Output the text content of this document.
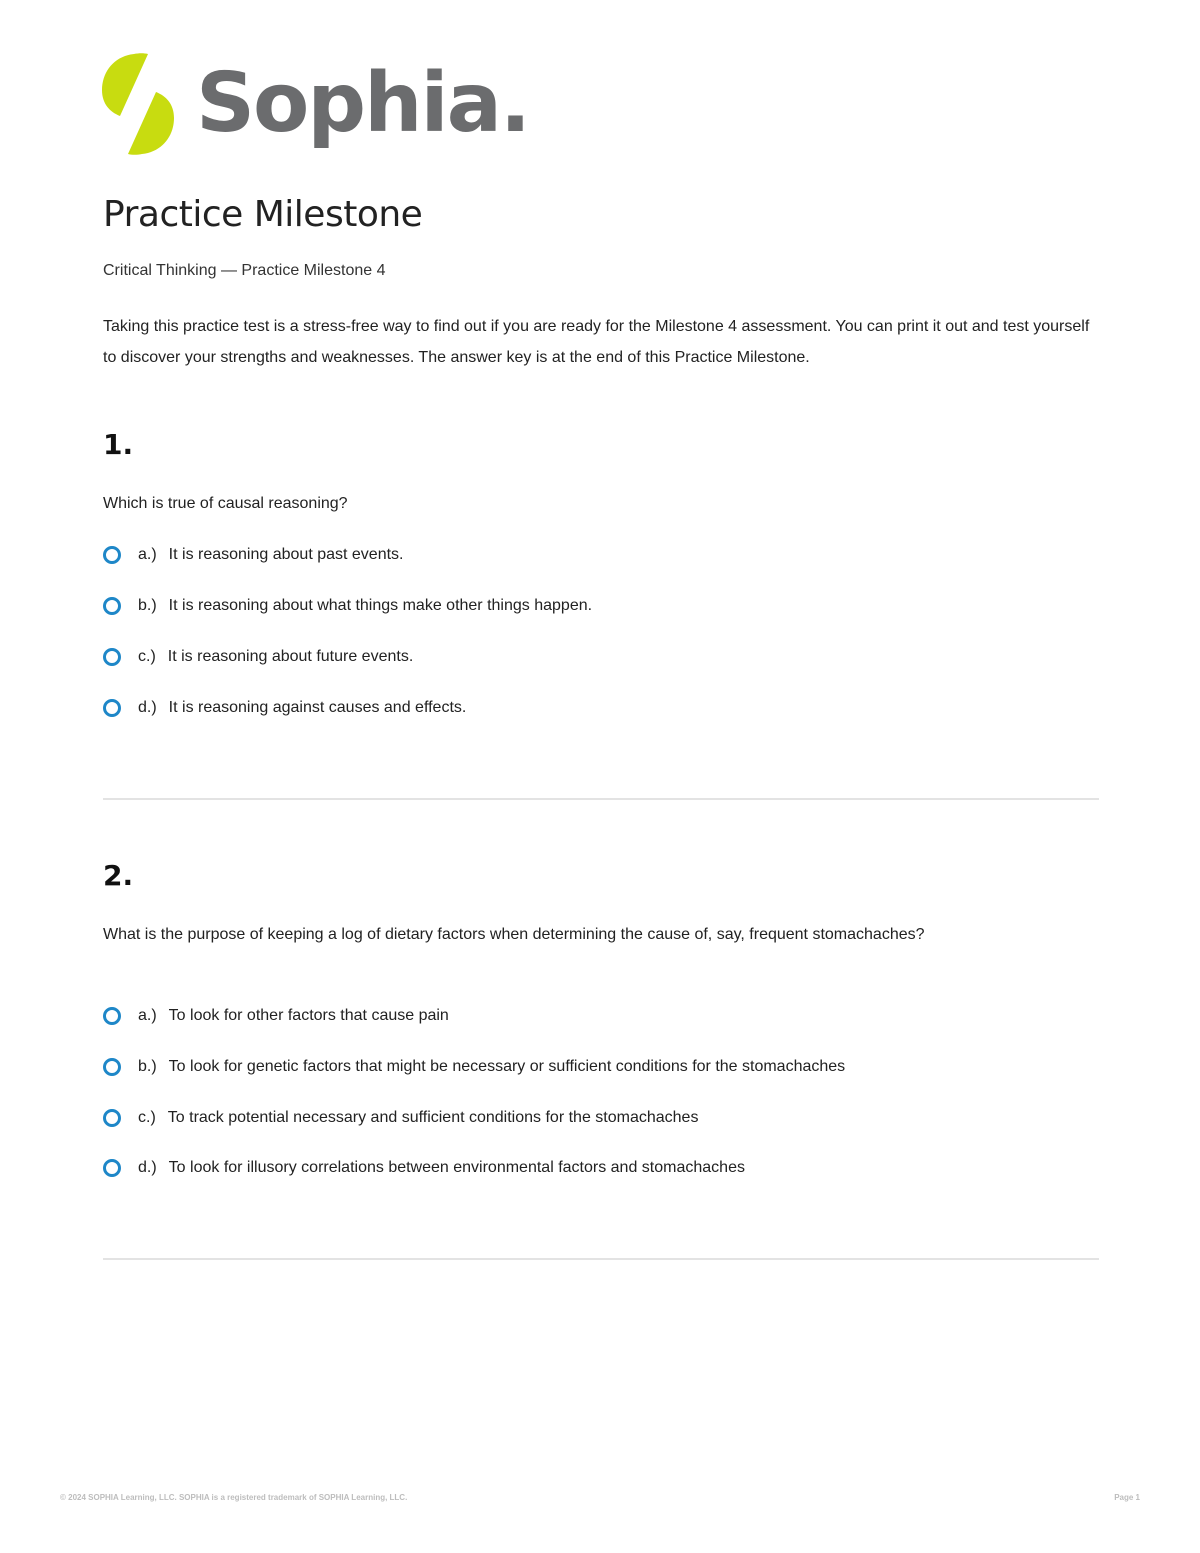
Sophia.
Practice Milestone
Critical Thinking — Practice Milestone 4
Taking this practice test is a stress-free way to find out if you are ready for the Milestone 4 assessment. You can print it out and test yourself to discover your strengths and weaknesses. The answer key is at the end of this Practice Milestone.
1.
Which is true of causal reasoning?
a.) It is reasoning about past events.
b.) It is reasoning about what things make other things happen.
c.) It is reasoning about future events.
d.) It is reasoning against causes and effects.
2.
What is the purpose of keeping a log of dietary factors when determining the cause of, say, frequent stomachaches?
a.) To look for other factors that cause pain
b.) To look for genetic factors that might be necessary or sufficient conditions for the stomachaches
c.) To track potential necessary and sufficient conditions for the stomachaches
d.) To look for illusory correlations between environmental factors and stomachaches
© 2024 SOPHIA Learning, LLC. SOPHIA is a registered trademark of SOPHIA Learning, LLC.	Page 1
